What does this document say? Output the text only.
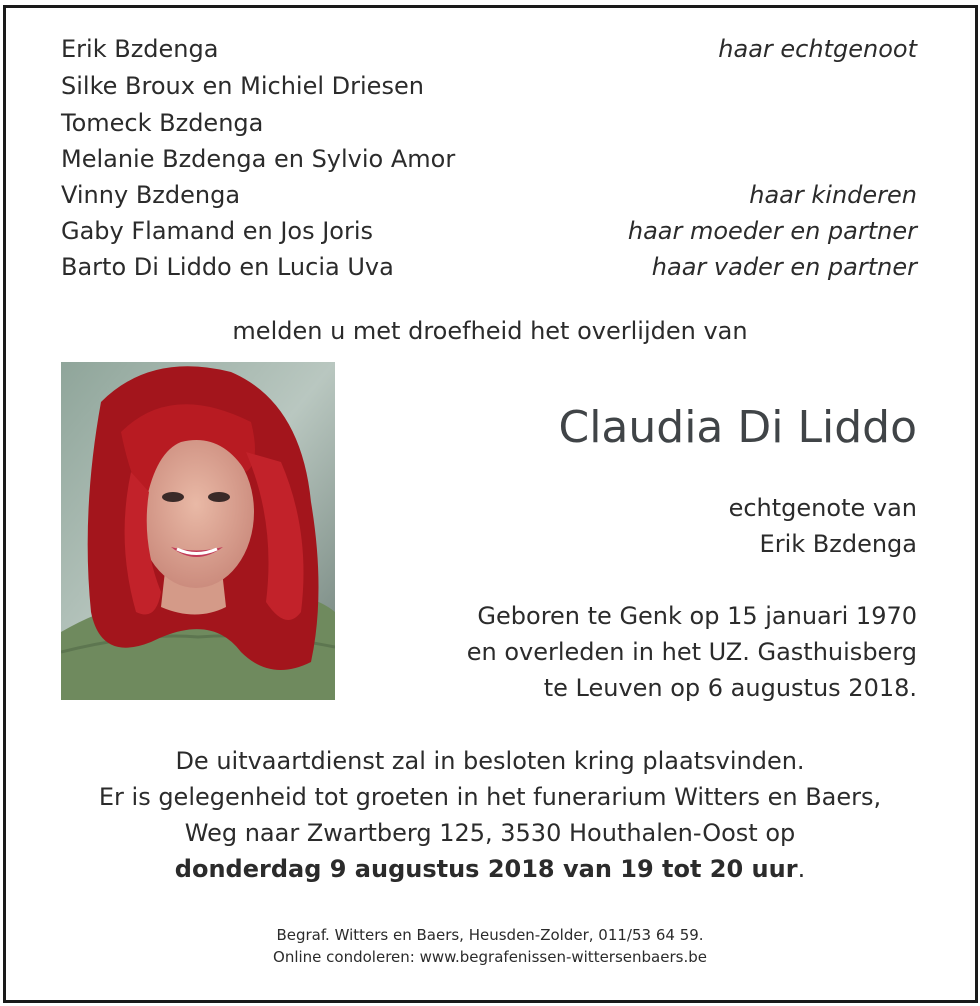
Erik Bzdenga	haar echtgenoot
Silke Broux en Michiel Driesen
Tomeck Bzdenga
Melanie Bzdenga en Sylvio Amor
Vinny Bzdenga	haar kinderen
Gaby Flamand en Jos Joris	haar moeder en partner
Barto Di Liddo en Lucia Uva	haar vader en partner
melden u met droefheid het overlijden van
Claudia Di Liddo
echtgenote van
Erik Bzdenga
Geboren te Genk op 15 januari 1970
en overleden in het UZ. Gasthuisberg
te Leuven op 6 augustus 2018.
De uitvaartdienst zal in besloten kring plaatsvinden.
Er is gelegenheid tot groeten in het funerarium Witters en Baers,
Weg naar Zwartberg 125, 3530 Houthalen-Oost op
donderdag 9 augustus 2018 van 19 tot 20 uur.
Begraf. Witters en Baers, Heusden-Zolder, 011/53 64 59.
Online condoleren: www.begrafenissen-wittersenbaers.be
